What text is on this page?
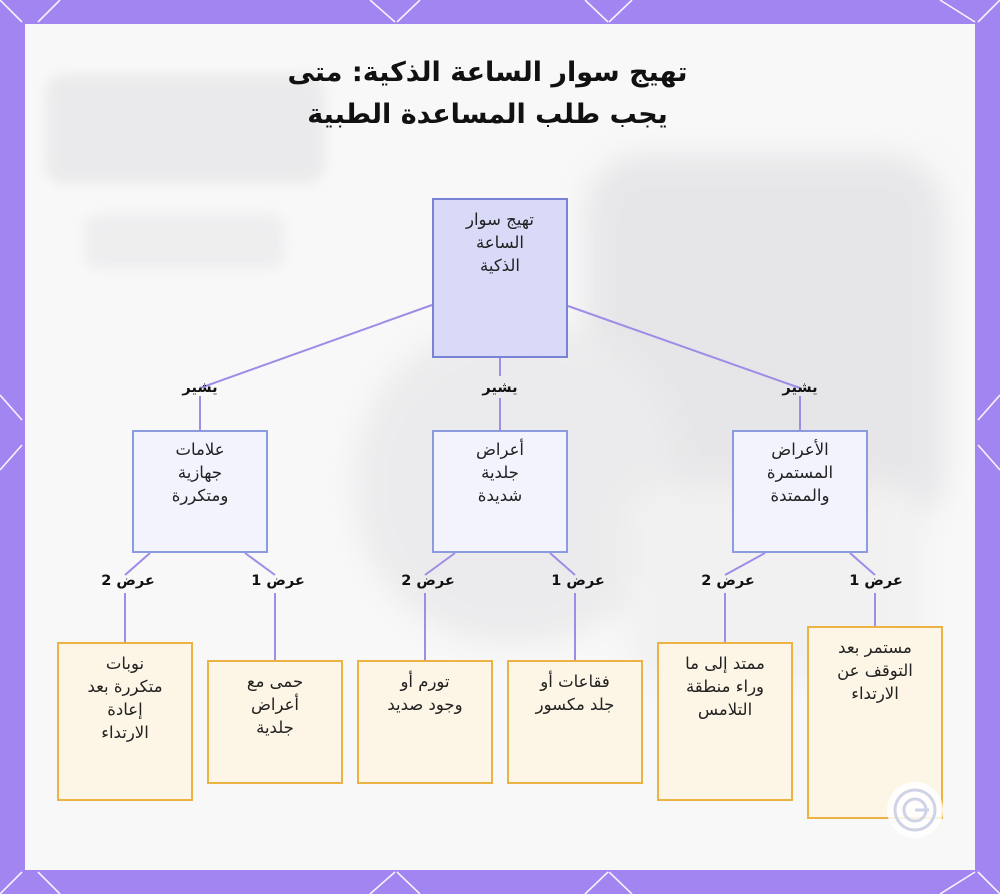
تهيج سوار الساعة الذكية: متى
يجب طلب المساعدة الطبية
تهيج سوار
الساعة
الذكية
يشير
يشير
يشير
الأعراض
المستمرة
والممتدة
أعراض
جلدية
شديدة
علامات
جهازية
ومتكررة
عرض 1
عرض 2
عرض 1
عرض 2
عرض 1
عرض 2
مستمر بعد
التوقف عن
الارتداء
ممتد إلى ما
وراء منطقة
التلامس
فقاعات أو
جلد مكسور
تورم أو
وجود صديد
حمى مع
أعراض
جلدية
نوبات
متكررة بعد
إعادة
الارتداء
